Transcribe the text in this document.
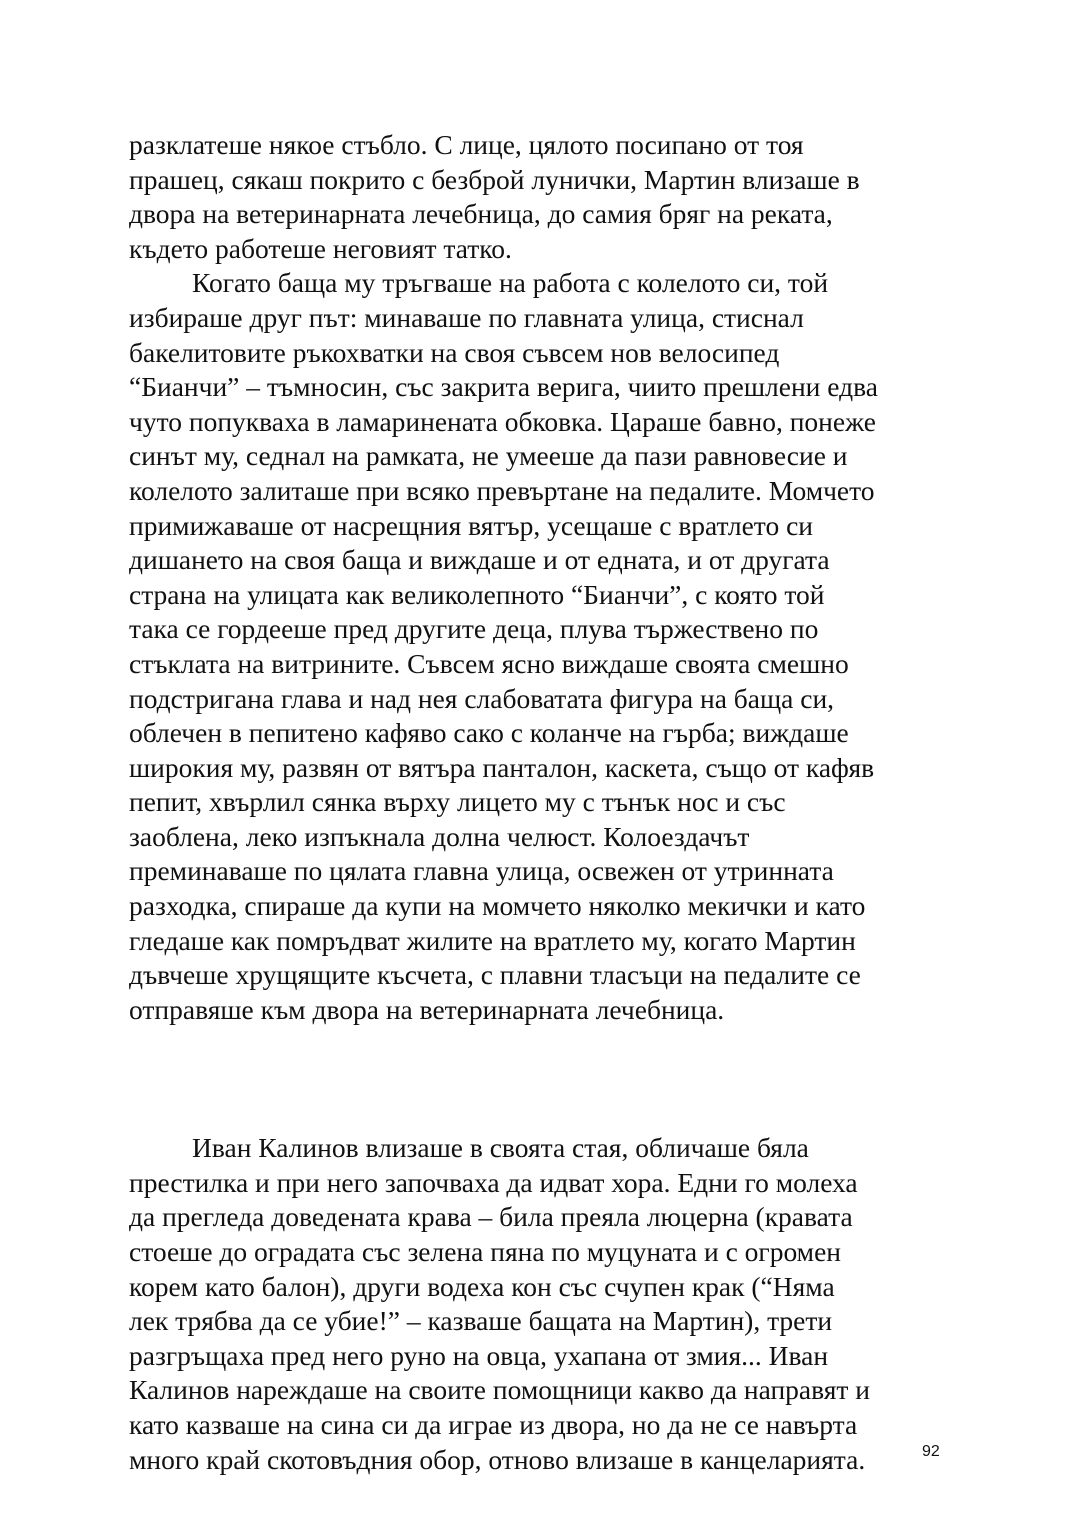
разклатеше някое стъбло. С лице, цялото посипано от тоя
прашец, сякаш покрито с безброй лунички, Мартин влизаше в
двора на ветеринарната лечебница, до самия бряг на реката,
където работеше неговият татко.
Когато баща му тръгваше на работа с колелото си, той
избираше друг път: минаваше по главната улица, стиснал
бакелитовите ръкохватки на своя съвсем нов велосипед
“Бианчи” – тъмносин, със закрита верига, чиито прешлени едва
чуто попукваха в ламаринената обковка. Цараше бавно, понеже
синът му, седнал на рамката, не умееше да пази равновесие и
колелото залиташе при всяко превъртане на педалите. Момчето
примижаваше от насрещния вятър, усещаше с вратлето си
дишането на своя баща и виждаше и от едната, и от другата
страна на улицата как великолепното “Бианчи”, с която той
така се гордееше пред другите деца, плува тържествено по
стъклата на витрините. Съвсем ясно виждаше своята смешно
подстригана глава и над нея слабоватата фигура на баща си,
облечен в пепитено кафяво сако с коланче на гърба; виждаше
широкия му, развян от вятъра панталон, каскета, също от кафяв
пепит, хвърлил сянка върху лицето му с тънък нос и със
заоблена, леко изпъкнала долна челюст. Колоездачът
преминаваше по цялата главна улица, освежен от утринната
разходка, спираше да купи на момчето няколко мекички и като
гледаше как помръдват жилите на вратлето му, когато Мартин
дъвчеше хрущящите късчета, с плавни тласъци на педалите се
отправяше към двора на ветеринарната лечебница.
Иван Калинов влизаше в своята стая, обличаше бяла
престилка и при него започваха да идват хора. Едни го молеха
да прегледа доведената крава – била преяла люцерна (кравата
стоеше до оградата със зелена пяна по муцуната и с огромен
корем като балон), други водеха кон със счупен крак (“Няма
лек трябва да се убие!” – казваше бащата на Мартин), трети
разгръщаха пред него руно на овца, ухапана от змия... Иван
Калинов нареждаше на своите помощници какво да направят и
като казваше на сина си да играе из двора, но да не се навърта
много край скотовъдния обор, отново влизаше в канцеларията.	92
